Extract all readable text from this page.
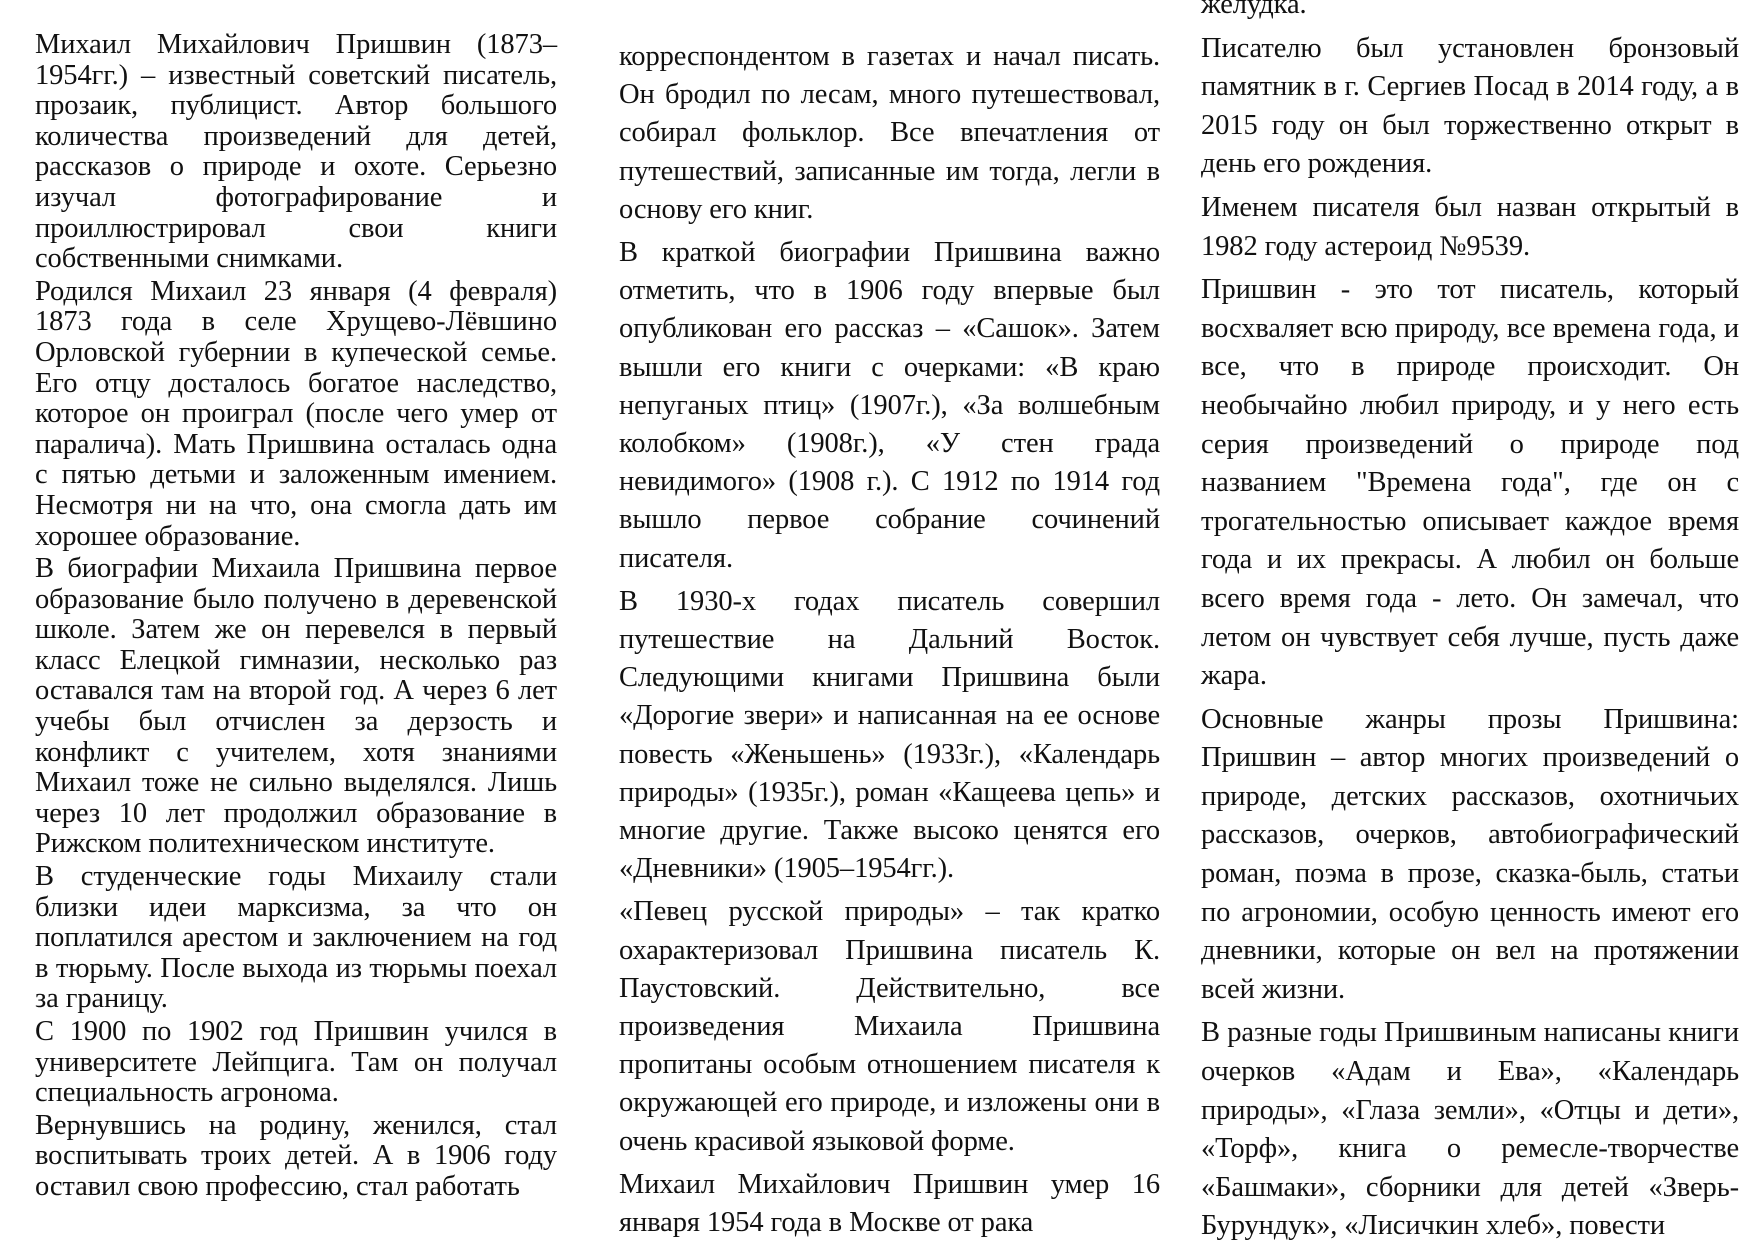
Михаил Михайлович Пришвин (1873–1954гг.) – известный советский писатель, прозаик, публицист. Автор большого количества произведений для детей, рассказов о природе и охоте. Серьезно изучал фотографирование и проиллюстрировал свои книги собственными снимками.

Родился Михаил 23 января (4 февраля) 1873 года в селе Хрущево-Лёвшино Орловской губернии в купеческой семье. Его отцу досталось богатое наследство, которое он проиграл (после чего умер от паралича). Мать Пришвина осталась одна с пятью детьми и заложенным имением. Несмотря ни на что, она смогла дать им хорошее образование.

В биографии Михаила Пришвина первое образование было получено в деревенской школе. Затем же он перевелся в первый класс Елецкой гимназии, несколько раз оставался там на второй год. А через 6 лет учебы был отчислен за дерзость и конфликт с учителем, хотя знаниями Михаил тоже не сильно выделялся. Лишь через 10 лет продолжил образование в Рижском политехническом институте.

В студенческие годы Михаилу стали близки идеи марксизма, за что он поплатился арестом и заключением на год в тюрьму. После выхода из тюрьмы поехал за границу.

С 1900 по 1902 год Пришвин учился в университете Лейпцига. Там он получал специальность агронома.

Вернувшись на родину, женился, стал воспитывать троих детей. А в 1906 году оставил свою профессию, стал работать

корреспондентом в газетах и начал писать. Он бродил по лесам, много путешествовал, собирал фольклор. Все впечатления от путешествий, записанные им тогда, легли в основу его книг.

В краткой биографии Пришвина важно отметить, что в 1906 году впервые был опубликован его рассказ – «Сашок». Затем вышли его книги с очерками: «В краю непуганых птиц» (1907г.), «За волшебным колобком» (1908г.), «У стен града невидимого» (1908 г.). С 1912 по 1914 год вышло первое собрание сочинений писателя.

В 1930-х годах писатель совершил путешествие на Дальний Восток. Следующими книгами Пришвина были «Дорогие звери» и написанная на ее основе повесть «Женьшень» (1933г.), «Календарь природы» (1935г.), роман «Кащеева цепь» и многие другие. Также высоко ценятся его «Дневники» (1905–1954гг.).

«Певец русской природы» – так кратко охарактеризовал Пришвина писатель К. Паустовский. Действительно, все произведения Михаила Пришвина пропитаны особым отношением писателя к окружающей его природе, и изложены они в очень красивой языковой форме.

Михаил Михайлович Пришвин умер 16 января 1954 года в Москве от рака

желудка.

Писателю был установлен бронзовый памятник в г. Сергиев Посад в 2014 году, а в 2015 году он был торжественно открыт в день его рождения.

Именем писателя был назван открытый в 1982 году астероид №9539.

Пришвин - это тот писатель, который восхваляет всю природу, все времена года, и все, что в природе происходит. Он необычайно любил природу, и у него есть серия произведений о природе под названием "Времена года", где он с трогательностью описывает каждое время года и их прекрасы. А любил он больше всего время года - лето. Он замечал, что летом он чувствует себя лучше, пусть даже жара.

Основные жанры прозы Пришвина: Пришвин – автор многих произведений о природе, детских рассказов, охотничьих рассказов, очерков, автобиографический роман, поэма в прозе, сказка-быль, статьи по агрономии, особую ценность имеют его дневники, которые он вел на протяжении всей жизни.

В разные годы Пришвиным написаны книги очерков «Адам и Ева», «Календарь природы», «Глаза земли», «Отцы и дети», «Торф», книга о ремесле-творчестве «Башмаки», сборники для детей «Зверь-Бурундук», «Лисичкин хлеб», повести
